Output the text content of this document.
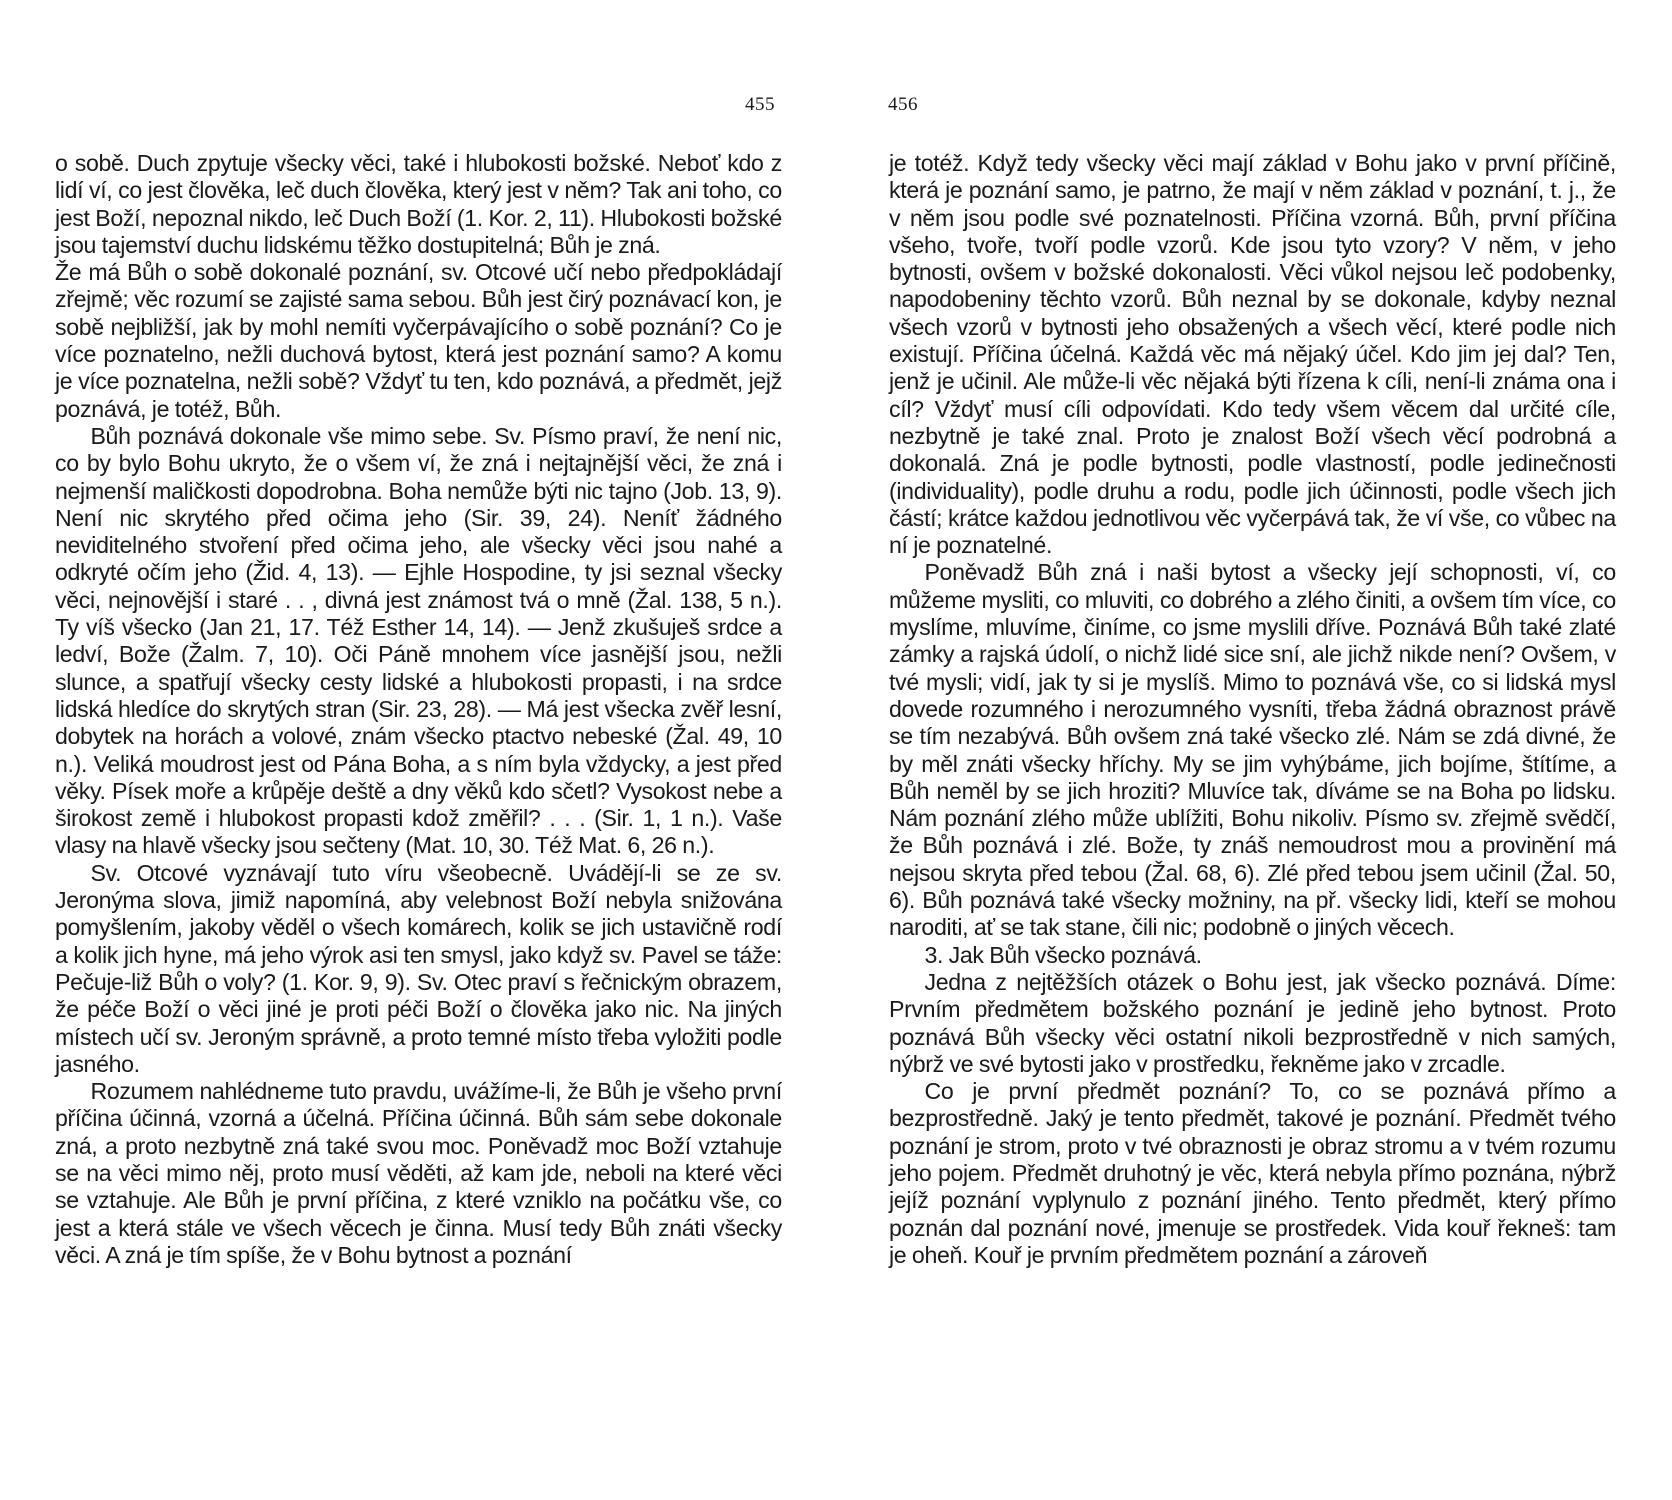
455

o sobě. Duch zpytuje všecky věci, také i hlubokosti božské. Neboť kdo z lidí ví, co jest člověka, leč duch člověka, který jest v něm? Tak ani toho, co jest Boží, nepoznal nikdo, leč Duch Boží (1. Kor. 2, 11). Hlubokosti božské jsou tajemství duchu lidskému těžko dostupitelná; Bůh je zná.

Že má Bůh o sobě dokonalé poznání, sv. Otcové učí nebo předpokládají zřejmě; věc rozumí se zajisté sama sebou. Bůh jest čirý poznávací kon, je sobě nejbližší, jak by mohl nemíti vyčerpávajícího o sobě poznání? Co je více poznatelno, nežli duchová bytost, která jest poznání samo? A komu je více poznatelna, nežli sobě? Vždyť tu ten, kdo poznává, a předmět, jejž poznává, je totéž, Bůh.

Bůh poznává dokonale vše mimo sebe. Sv. Písmo praví, že není nic, co by bylo Bohu ukryto, že o všem ví, že zná i nejtajnější věci, že zná i nejmenší maličkosti dopodrobna. Boha nemůže býti nic tajno (Job. 13, 9). Není nic skrytého před očima jeho (Sir. 39, 24). Neníť žádného neviditelného stvoření před očima jeho, ale všecky věci jsou nahé a odkryté očím jeho (Žid. 4, 13). — Ejhle Hospodine, ty jsi seznal všecky věci, nejnovější i staré . . , divná jest známost tvá o mně (Žal. 138, 5 n.). Ty víš všecko (Jan 21, 17. Též Esther 14, 14). — Jenž zkušuješ srdce a ledví, Bože (Žalm. 7, 10). Oči Páně mnohem více jasnější jsou, nežli slunce, a spatřují všecky cesty lidské a hlubokosti propasti, i na srdce lidská hledíce do skrytých stran (Sir. 23, 28). — Má jest všecka zvěř lesní, dobytek na horách a volové, znám všecko ptactvo nebeské (Žal. 49, 10 n.). Veliká moudrost jest od Pána Boha, a s ním byla vždycky, a jest před věky. Písek moře a krůpěje deště a dny věků kdo sčetl? Vysokost nebe a širokost země i hlubokost propasti kdož změřil? . . . (Sir. 1, 1 n.). Vaše vlasy na hlavě všecky jsou sečteny (Mat. 10, 30. Též Mat. 6, 26 n.).

Sv. Otcové vyznávají tuto víru všeobecně. Uvádějí-li se ze sv. Jeronýma slova, jimiž napomíná, aby velebnost Boží nebyla snižována pomyšlením, jakoby věděl o všech komárech, kolik se jich ustavičně rodí a kolik jich hyne, má jeho výrok asi ten smysl, jako když sv. Pavel se táže: Pečuje-liž Bůh o voly? (1. Kor. 9, 9). Sv. Otec praví s řečnickým obrazem, že péče Boží o věci jiné je proti péči Boží o člověka jako nic. Na jiných místech učí sv. Jeroným správně, a proto temné místo třeba vyložiti podle jasného.

Rozumem nahlédneme tuto pravdu, uvážíme-li, že Bůh je všeho první příčina účinná, vzorná a účelná. Příčina účinná. Bůh sám sebe dokonale zná, a proto nezbytně zná také svou moc. Poněvadž moc Boží vztahuje se na věci mimo něj, proto musí věděti, až kam jde, neboli na které věci se vztahuje. Ale Bůh je první příčina, z které vzniklo na počátku vše, co jest a která stále ve všech věcech je činna. Musí tedy Bůh znáti všecky věci. A zná je tím spíše, že v Bohu bytnost a poznání

456

je totéž. Když tedy všecky věci mají základ v Bohu jako v první příčině, která je poznání samo, je patrno, že mají v něm základ v poznání, t. j., že v něm jsou podle své poznatelnosti. Příčina vzorná. Bůh, první příčina všeho, tvoře, tvoří podle vzorů. Kde jsou tyto vzory? V něm, v jeho bytnosti, ovšem v božské dokonalosti. Věci vůkol nejsou leč podobenky, napodobeniny těchto vzorů. Bůh neznal by se dokonale, kdyby neznal všech vzorů v bytnosti jeho obsažených a všech věcí, které podle nich existují. Příčina účelná. Každá věc má nějaký účel. Kdo jim jej dal? Ten, jenž je učinil. Ale může-li věc nějaká býti řízena k cíli, není-li známa ona i cíl? Vždyť musí cíli odpovídati. Kdo tedy všem věcem dal určité cíle, nezbytně je také znal. Proto je znalost Boží všech věcí podrobná a dokonalá. Zná je podle bytnosti, podle vlastností, podle jedinečnosti (individuality), podle druhu a rodu, podle jich účinnosti, podle všech jich částí; krátce každou jednotlivou věc vyčerpává tak, že ví vše, co vůbec na ní je poznatelné.

Poněvadž Bůh zná i naši bytost a všecky její schopnosti, ví, co můžeme mysliti, co mluviti, co dobrého a zlého činiti, a ovšem tím více, co myslíme, mluvíme, činíme, co jsme myslili dříve. Poznává Bůh také zlaté zámky a rajská údolí, o nichž lidé sice sní, ale jichž nikde není? Ovšem, v tvé mysli; vidí, jak ty si je myslíš. Mimo to poznává vše, co si lidská mysl dovede rozumného i nerozumného vysníti, třeba žádná obraznost právě se tím nezabývá. Bůh ovšem zná také všecko zlé. Nám se zdá divné, že by měl znáti všecky hříchy. My se jim vyhýbáme, jich bojíme, štítíme, a Bůh neměl by se jich hroziti? Mluvíce tak, díváme se na Boha po lidsku. Nám poznání zlého může ublížiti, Bohu nikoliv. Písmo sv. zřejmě svědčí, že Bůh poznává i zlé. Bože, ty znáš nemoudrost mou a provinění má nejsou skryta před tebou (Žal. 68, 6). Zlé před tebou jsem učinil (Žal. 50, 6). Bůh poznává také všecky možniny, na př. všecky lidi, kteří se mohou naroditi, ať se tak stane, čili nic; podobně o jiných věcech.

3. Jak Bůh všecko poznává.

Jedna z nejtěžších otázek o Bohu jest, jak všecko poznává. Díme: Prvním předmětem božského poznání je jedině jeho bytnost. Proto poznává Bůh všecky věci ostatní nikoli bezprostředně v nich samých, nýbrž ve své bytosti jako v prostředku, řekněme jako v zrcadle.

Co je první předmět poznání? To, co se poznává přímo a bezprostředně. Jaký je tento předmět, takové je poznání. Předmět tvého poznání je strom, proto v tvé obraznosti je obraz stromu a v tvém rozumu jeho pojem. Předmět druhotný je věc, která nebyla přímo poznána, nýbrž jejíž poznání vyplynulo z poznání jiného. Tento předmět, který přímo poznán dal poznání nové, jmenuje se prostředek. Vida kouř řekneš: tam je oheň. Kouř je prvním předmětem poznání a zároveň
